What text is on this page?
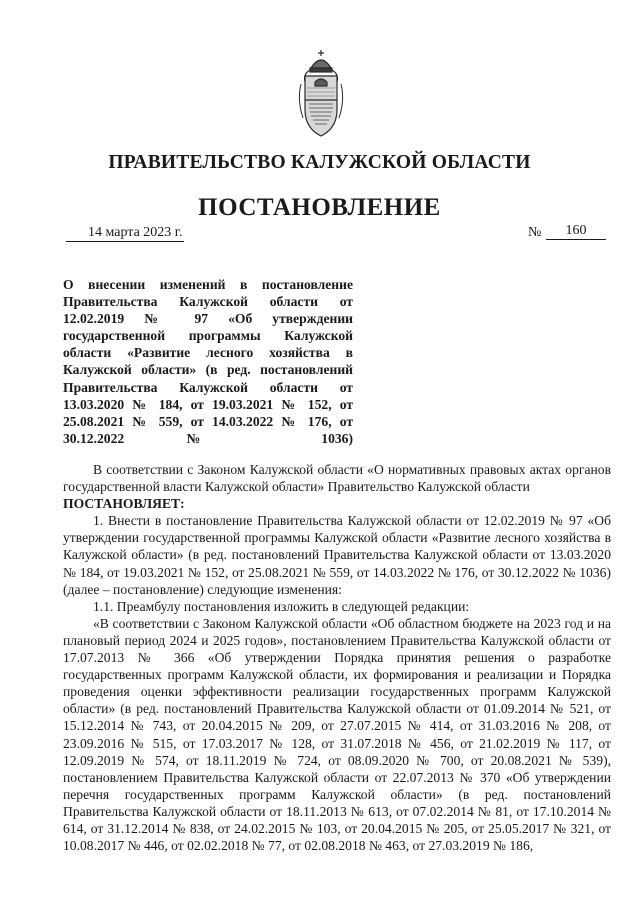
ПРАВИТЕЛЬСТВО КАЛУЖСКОЙ ОБЛАСТИ
ПОСТАНОВЛЕНИЕ
14 марта 2023 г.	№	160
О внесении изменений в постановление Правительства Калужской области от 12.02.2019 № 97 «Об утверждении государственной программы Калужской области «Развитие лесного хозяйства в Калужской области» (в ред. постановлений Правительства Калужской области от 13.03.2020 № 184, от 19.03.2021 № 152, от 25.08.2021 № 559, от 14.03.2022 № 176, от 30.12.2022 № 1036)

В соответствии с Законом Калужской области «О нормативных правовых актах органов государственной власти Калужской области» Правительство Калужской области

ПОСТАНОВЛЯЕТ:

1. Внести в постановление Правительства Калужской области от 12.02.2019 № 97 «Об утверждении государственной программы Калужской области «Развитие лесного хозяйства в Калужской области» (в ред. постановлений Правительства Калужской области от 13.03.2020 № 184, от 19.03.2021 № 152, от 25.08.2021 № 559, от 14.03.2022 № 176, от 30.12.2022 № 1036) (далее – постановление) следующие изменения:

1.1. Преамбулу постановления изложить в следующей редакции:

«В соответствии с Законом Калужской области «Об областном бюджете на 2023 год и на плановый период 2024 и 2025 годов», постановлением Правительства Калужской области от 17.07.2013 № 366 «Об утверждении Порядка принятия решения о разработке государственных программ Калужской области, их формирования и реализации и Порядка проведения оценки эффективности реализации государственных программ Калужской области» (в ред. постановлений Правительства Калужской области от 01.09.2014 № 521, от 15.12.2014 № 743, от 20.04.2015 № 209, от 27.07.2015 № 414, от 31.03.2016 № 208, от 23.09.2016 № 515, от 17.03.2017 № 128, от 31.07.2018 № 456, от 21.02.2019 № 117, от 12.09.2019 № 574, от 18.11.2019 № 724, от 08.09.2020 № 700, от 20.08.2021 № 539), постановлением Правительства Калужской области от 22.07.2013 № 370 «Об утверждении перечня государственных программ Калужской области» (в ред. постановлений Правительства Калужской области от 18.11.2013 № 613, от 07.02.2014 № 81, от 17.10.2014 № 614, от 31.12.2014 № 838, от 24.02.2015 № 103, от 20.04.2015 № 205, от 25.05.2017 № 321, от 10.08.2017 № 446, от 02.02.2018 № 77, от 02.08.2018 № 463, от 27.03.2019 № 186,
